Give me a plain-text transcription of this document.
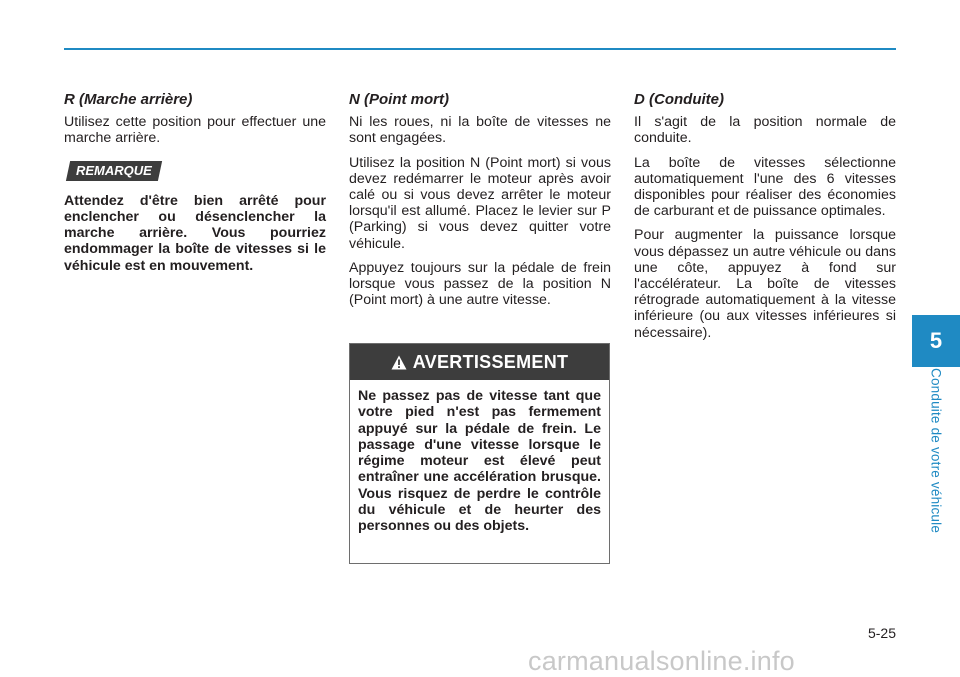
R (Marche arrière)

Utilisez cette position pour effectuer une marche arrière.

REMARQUE

Attendez d'être bien arrêté pour enclencher ou désenclencher la marche arrière. Vous pourriez endommager la boîte de vitesses si le véhicule est en mouvement.

N (Point mort)

Ni les roues, ni la boîte de vitesses ne sont engagées.

Utilisez la position N (Point mort) si vous devez redémarrer le moteur après avoir calé ou si vous devez arrêter le moteur lorsqu'il est allumé. Placez le levier sur P (Parking) si vous devez quitter votre véhicule.

Appuyez toujours sur la pédale de frein lorsque vous passez de la position N (Point mort) à une autre vitesse.

AVERTISSEMENT
Ne passez pas de vitesse tant que votre pied n'est pas fermement appuyé sur la pédale de frein. Le passage d'une vitesse lorsque le régime moteur est élevé peut entraîner une accélération brusque. Vous risquez de perdre le contrôle du véhicule et de heurter des personnes ou des objets.

D (Conduite)

Il s'agit de la position normale de conduite.

La boîte de vitesses sélectionne automatiquement l'une des 6 vitesses disponibles pour réaliser des économies de carburant et de puissance optimales.

Pour augmenter la puissance lorsque vous dépassez un autre véhicule ou dans une côte, appuyez à fond sur l'accélérateur. La boîte de vitesses rétrograde automatiquement à la vitesse inférieure (ou aux vitesses inférieures si nécessaire).	5
Conduite de votre véhicule
5-25
carmanualsonline.info
